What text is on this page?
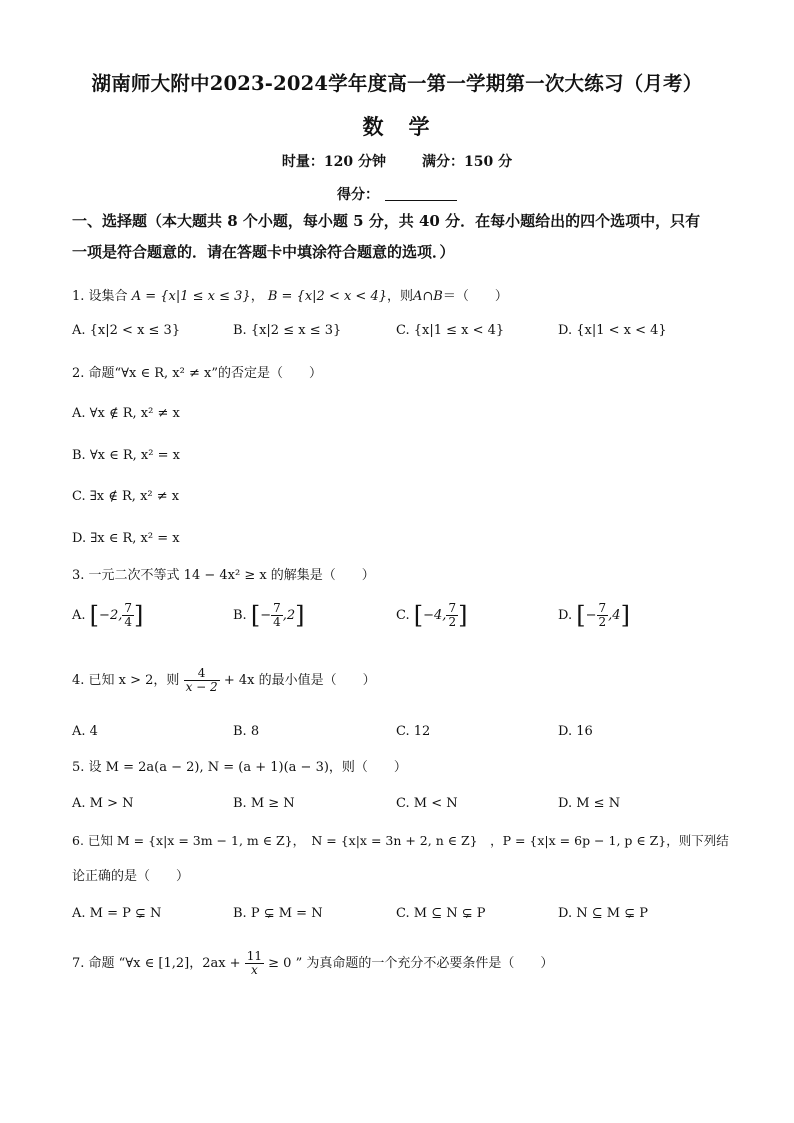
湖南师大附中2023-2024学年度高一第一学期第一次大练习（月考）
数　学
时量：120 分钟	满分：150 分
得分：
一、选择题（本大题共 8 个小题，每小题 5 分，共 40 分．在每小题给出的四个选项中，只有
一项是符合题意的．请在答题卡中填涂符合题意的选项．）
1. 设集合 A = {x|1 ≤ x ≤ 3}， B = {x|2 < x < 4}，则A∩B＝（　　）
A. {x|2 < x ≤ 3}	B. {x|2 ≤ x ≤ 3}	C. {x|1 ≤ x < 4}	D. {x|1 < x < 4}
2. 命题“∀x ∈ R, x² ≠ x”的否定是（　　）
A. ∀x ∉ R, x² ≠ x
B. ∀x ∈ R, x² = x
C. ∃x ∉ R, x² ≠ x
D. ∃x ∈ R, x² = x
3. 一元二次不等式 14 − 4x² ≥ x 的解集是（　　）
A. [−2, $\frac{7}{4}$ ]	B. [− $\frac{7}{4} ,2$]	C. [−4, $\frac{7}{2}$ ]	D. [− $\frac{7}{2} ,4$]
4. 已知 x > 2，则 $\frac{4}{x - 2} + 4x$ 的最小值是（　　）
A. 4	B. 8	C. 12	D. 16
5. 设 M = 2a(a − 2), N = (a + 1)(a − 3)，则（　　）
A. M > N	B. M ≥ N	C. M < N	D. M ≤ N
6. 已知 M = {x|x = 3m − 1, m ∈ Z}，　N = {x|x = 3n + 2, n ∈ Z}　，P = {x|x = 6p − 1, p ∈ Z}，则下列结
论正确的是（　　）
A. M = P ⊊ N	B. P ⊊ M = N	C. M ⊆ N ⊊ P	D. N ⊆ M ⊊ P
7. 命题 “∀x ∈ [1,2]，$2ax + \frac{11}{x} \ge 0$ ” 为真命题的一个充分不必要条件是（　　）
